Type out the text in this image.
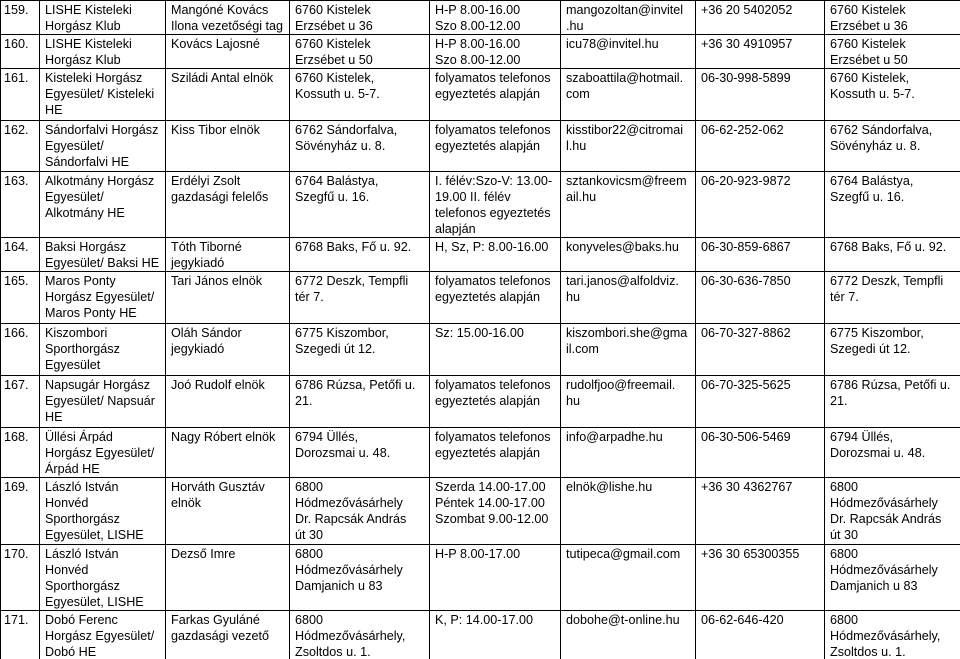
159.	LISHE Kisteleki
Horgász Klub	Mangóné Kovács
Ilona vezetőségi tag	6760 Kistelek
Erzsébet u 36	H-P 8.00-16.00
Szo 8.00-12.00	mangozoltan@invitel
.hu	+36 20 5402052	6760 Kistelek
Erzsébet u 36

160.	LISHE Kisteleki
Horgász Klub	Kovács Lajosné	6760 Kistelek
Erzsébet u 50	H-P 8.00-16.00
Szo 8.00-12.00	icu78@invitel.hu	+36 30 4910957	6760 Kistelek
Erzsébet u 50

161.	Kisteleki Horgász
Egyesület/ Kisteleki
HE	Sziládi Antal elnök	6760 Kistelek,
Kossuth u. 5-7.	folyamatos telefonos
egyeztetés alapján	szaboattila@hotmail.
com	06-30-998-5899	6760 Kistelek,
Kossuth u. 5-7.

162.	Sándorfalvi Horgász
Egyesület/
Sándorfalvi HE	Kiss Tibor elnök	6762 Sándorfalva,
Sövényház u. 8.	folyamatos telefonos
egyeztetés alapján	kisstibor22@citromai
l.hu	06-62-252-062	6762 Sándorfalva,
Sövényház u. 8.

163.	Alkotmány Horgász
Egyesület/
Alkotmány HE	Erdélyi Zsolt
gazdasági felelős	6764 Balástya,
Szegfű u. 16.	I. félév:Szo-V: 13.00-
19.00 II. félév
telefonos egyeztetés
alapján	sztankovicsm@freem
ail.hu	06-20-923-9872	6764 Balástya,
Szegfű u. 16.

164.	Baksi Horgász
Egyesület/ Baksi HE	Tóth Tiborné
jegykiadó	6768 Baks, Fő u. 92.	H, Sz, P: 8.00-16.00	konyveles@baks.hu	06-30-859-6867	6768 Baks, Fő u. 92.

165.	Maros Ponty
Horgász Egyesület/
Maros Ponty HE	Tari János elnök	6772 Deszk, Tempfli
tér 7.	folyamatos telefonos
egyeztetés alapján	tari.janos@alfoldviz.
hu	06-30-636-7850	6772 Deszk, Tempfli
tér 7.

166.	Kiszombori
Sporthorgász
Egyesület	Oláh Sándor
jegykiadó	6775 Kiszombor,
Szegedi út 12.	Sz: 15.00-16.00	kiszombori.she@gma
il.com	06-70-327-8862	6775 Kiszombor,
Szegedi út 12.

167.	Napsugár Horgász
Egyesület/ Napsuár
HE	Joó Rudolf elnök	6786 Rúzsa, Petőfi u.
21.	folyamatos telefonos
egyeztetés alapján	rudolfjoo@freemail.
hu	06-70-325-5625	6786 Rúzsa, Petőfi u.
21.

168.	Üllési Árpád
Horgász Egyesület/
Árpád HE	Nagy Róbert elnök	6794 Üllés,
Dorozsmai u. 48.	folyamatos telefonos
egyeztetés alapján	info@arpadhe.hu	06-30-506-5469	6794 Üllés,
Dorozsmai u. 48.

169.	László István
Honvéd
Sporthorgász
Egyesület, LISHE	Horváth Gusztáv
elnök	6800
Hódmezővásárhely
Dr. Rapcsák András
út 30	Szerda 14.00-17.00
Péntek 14.00-17.00
Szombat 9.00-12.00	elnök@lishe.hu	+36 30 4362767	6800
Hódmezővásárhely
Dr. Rapcsák András
út 30

170.	László István
Honvéd
Sporthorgász
Egyesület, LISHE	Dezső Imre	6800
Hódmezővásárhely
Damjanich u 83	H-P 8.00-17.00	tutipeca@gmail.com	+36 30 65300355	6800
Hódmezővásárhely
Damjanich u 83

171.	Dobó Ferenc
Horgász Egyesület/
Dobó HE	Farkas Gyuláné
gazdasági vezető	6800
Hódmezővásárhely,
Zsoltdos u. 1.	K, P: 14.00-17.00	dobohe@t-online.hu	06-62-646-420	6800
Hódmezővásárhely,
Zsoltdos u. 1.
